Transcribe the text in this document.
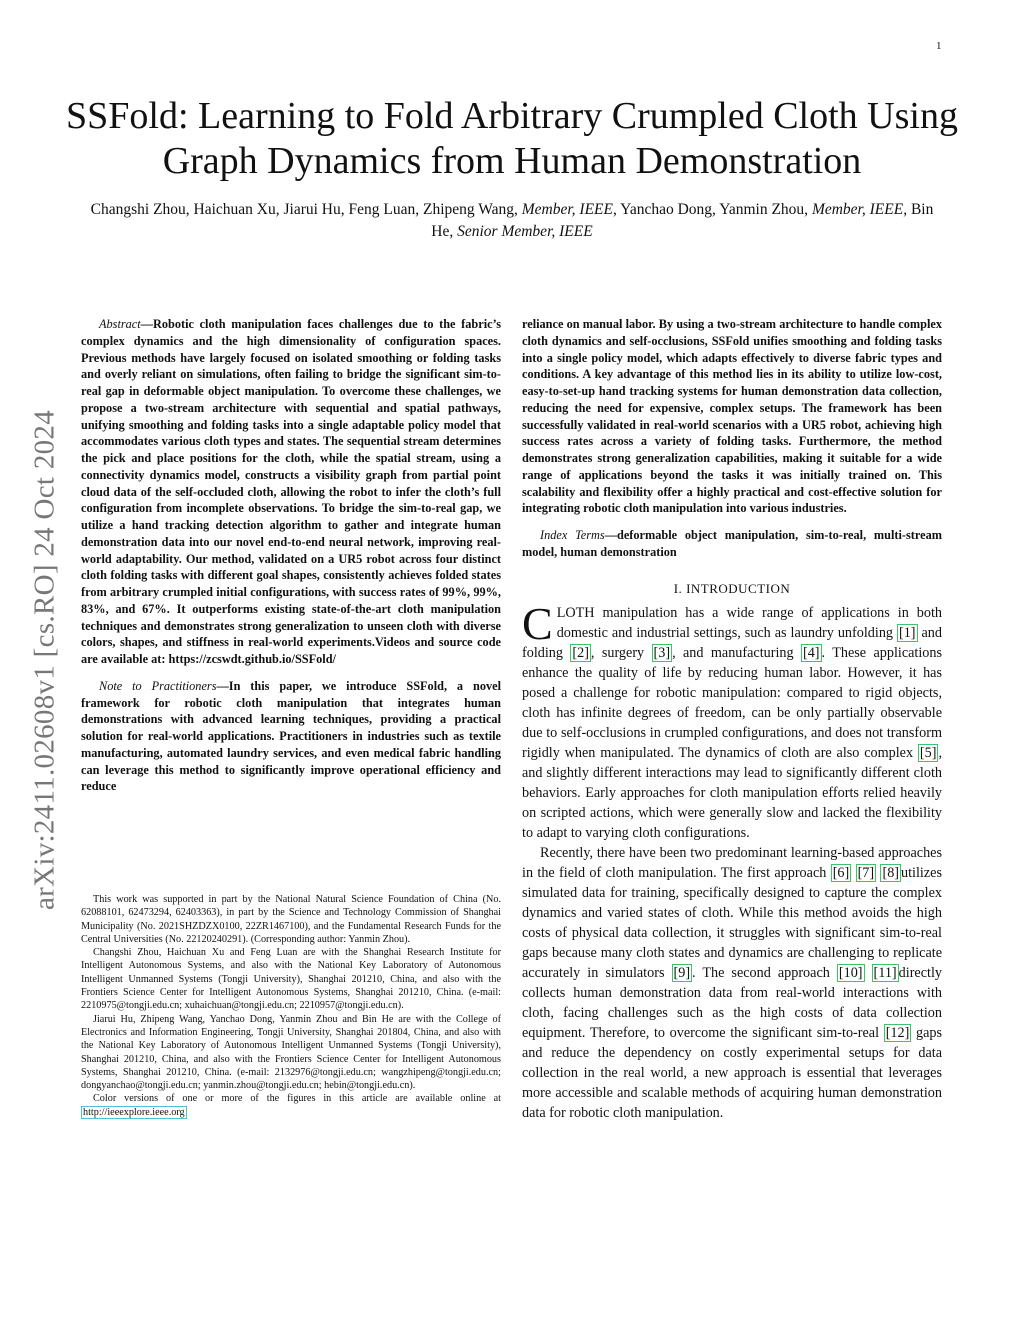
1
arXiv:2411.02608v1 [cs.RO] 24 Oct 2024
SSFold: Learning to Fold Arbitrary Crumpled Cloth Using Graph Dynamics from Human Demonstration
Changshi Zhou, Haichuan Xu, Jiarui Hu, Feng Luan, Zhipeng Wang, Member, IEEE, Yanchao Dong, Yanmin Zhou, Member, IEEE, Bin He, Senior Member, IEEE

Abstract—Robotic cloth manipulation faces challenges due to the fabric’s complex dynamics and the high dimensionality of configuration spaces. Previous methods have largely focused on isolated smoothing or folding tasks and overly reliant on simulations, often failing to bridge the significant sim-to-real gap in deformable object manipulation. To overcome these challenges, we propose a two-stream architecture with sequential and spatial pathways, unifying smoothing and folding tasks into a single adaptable policy model that accommodates various cloth types and states. The sequential stream determines the pick and place positions for the cloth, while the spatial stream, using a connectivity dynamics model, constructs a visibility graph from partial point cloud data of the self-occluded cloth, allowing the robot to infer the cloth’s full configuration from incomplete observations. To bridge the sim-to-real gap, we utilize a hand tracking detection algorithm to gather and integrate human demonstration data into our novel end-to-end neural network, improving real-world adaptability. Our method, validated on a UR5 robot across four distinct cloth folding tasks with different goal shapes, consistently achieves folded states from arbitrary crumpled initial configurations, with success rates of 99%, 99%, 83%, and 67%. It outperforms existing state-of-the-art cloth manipulation techniques and demonstrates strong generalization to unseen cloth with diverse colors, shapes, and stiffness in real-world experiments.Videos and source code are available at: https://zcswdt.github.io/SSFold/

Note to Practitioners—In this paper, we introduce SSFold, a novel framework for robotic cloth manipulation that integrates human demonstrations with advanced learning techniques, providing a practical solution for real-world applications. Practitioners in industries such as textile manufacturing, automated laundry services, and even medical fabric handling can leverage this method to significantly improve operational efficiency and reduce

This work was supported in part by the National Natural Science Foundation of China (No. 62088101, 62473294, 62403363), in part by the Science and Technology Commission of Shanghai Municipality (No. 2021SHZDZX0100, 22ZR1467100), and the Fundamental Research Funds for the Central Universities (No. 22120240291). (Corresponding author: Yanmin Zhou).

Changshi Zhou, Haichuan Xu and Feng Luan are with the Shanghai Research Institute for Intelligent Autonomous Systems, and also with the National Key Laboratory of Autonomous Intelligent Unmanned Systems (Tongji University), Shanghai 201210, China, and also with the Frontiers Science Center for Intelligent Autonomous Systems, Shanghai 201210, China. (e-mail: 2210975@tongji.edu.cn; xuhaichuan@tongji.edu.cn; 2210957@tongji.edu.cn).

Jiarui Hu, Zhipeng Wang, Yanchao Dong, Yanmin Zhou and Bin He are with the College of Electronics and Information Engineering, Tongji University, Shanghai 201804, China, and also with the National Key Laboratory of Autonomous Intelligent Unmanned Systems (Tongji University), Shanghai 201210, China, and also with the Frontiers Science Center for Intelligent Autonomous Systems, Shanghai 201210, China. (e-mail: 2132976@tongji.edu.cn; wangzhipeng@tongji.edu.cn; dongyanchao@tongji.edu.cn; yanmin.zhou@tongji.edu.cn; hebin@tongji.edu.cn).

Color versions of one or more of the figures in this article are available online at http://ieeexplore.ieee.org

reliance on manual labor. By using a two-stream architecture to handle complex cloth dynamics and self-occlusions, SSFold unifies smoothing and folding tasks into a single policy model, which adapts effectively to diverse fabric types and conditions. A key advantage of this method lies in its ability to utilize low-cost, easy-to-set-up hand tracking systems for human demonstration data collection, reducing the need for expensive, complex setups. The framework has been successfully validated in real-world scenarios with a UR5 robot, achieving high success rates across a variety of folding tasks. Furthermore, the method demonstrates strong generalization capabilities, making it suitable for a wide range of applications beyond the tasks it was initially trained on. This scalability and flexibility offer a highly practical and cost-effective solution for integrating robotic cloth manipulation into various industries.

Index Terms—deformable object manipulation, sim-to-real, multi-stream model, human demonstration

I. INTRODUCTION

CLOTH manipulation has a wide range of applications in both domestic and industrial settings, such as laundry unfolding [1] and folding [2] , surgery [3] , and manufacturing [4] . These applications enhance the quality of life by reducing human labor. However, it has posed a challenge for robotic manipulation: compared to rigid objects, cloth has infinite degrees of freedom, can be only partially observable due to self-occlusions in crumpled configurations, and does not transform rigidly when manipulated. The dynamics of cloth are also complex [5] , and slightly different interactions may lead to significantly different cloth behaviors. Early approaches for cloth manipulation efforts relied heavily on scripted actions, which were generally slow and lacked the flexibility to adapt to varying cloth configurations.

Recently, there have been two predominant learning-based approaches in the field of cloth manipulation. The first approach [6] [7] [8] utilizes simulated data for training, specifically designed to capture the complex dynamics and varied states of cloth. While this method avoids the high costs of physical data collection, it struggles with significant sim-to-real gaps because many cloth states and dynamics are challenging to replicate accurately in simulators [9] . The second approach [10] [11] directly collects human demonstration data from real-world interactions with cloth, facing challenges such as the high costs of data collection equipment. Therefore, to overcome the significant sim-to-real [12] gaps and reduce the dependency on costly experimental setups for data collection in the real world, a new approach is essential that leverages more accessible and scalable methods of acquiring human demonstration data for robotic cloth manipulation.
